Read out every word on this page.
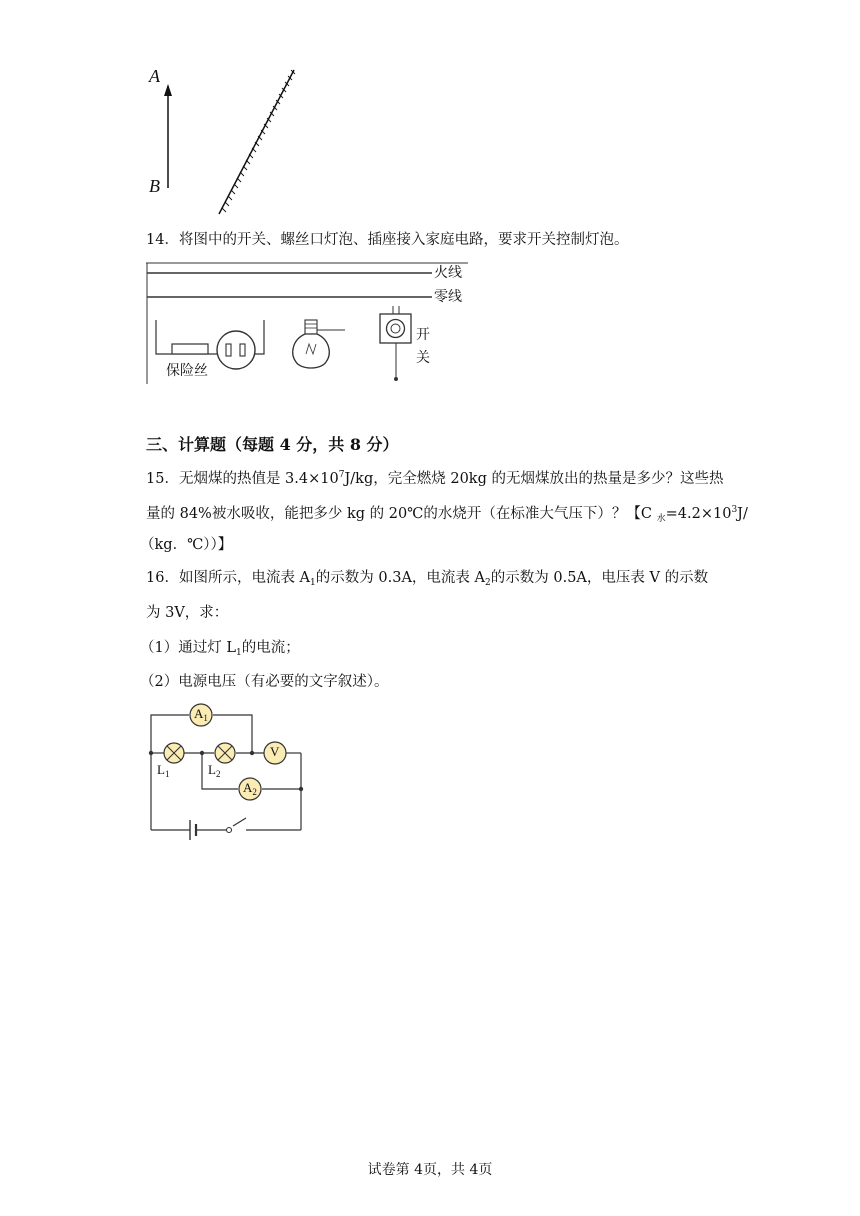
A
B
14．将图中的开关、螺丝口灯泡、插座接入家庭电路，要求开关控制灯泡。
火线
零线
保险丝
开
关
三、计算题（每题 4 分，共 8 分）
15．无烟煤的热值是 $3.4\times 10^7J/kg$，完全燃烧 20kg 的无烟煤放出的热量是多少？这些热
量的 84%被水吸收，能把多少 kg 的 20℃的水烧开（在标准大气压下）？【C $_水=4.2\times 10^3J/$
（kg．℃））】
16．如图所示，电流表 $A_1$的示数为 0.3A，电流表 $A_2$的示数为 0.5A，电压表 V 的示数
为 3V，求：
（1）通过灯 $L_1$的电流；
（2）电源电压（有必要的文字叙述）。
$A_1$
V
$A_2$
$L_1$	$L_2$
试卷第 4页，共 4页
